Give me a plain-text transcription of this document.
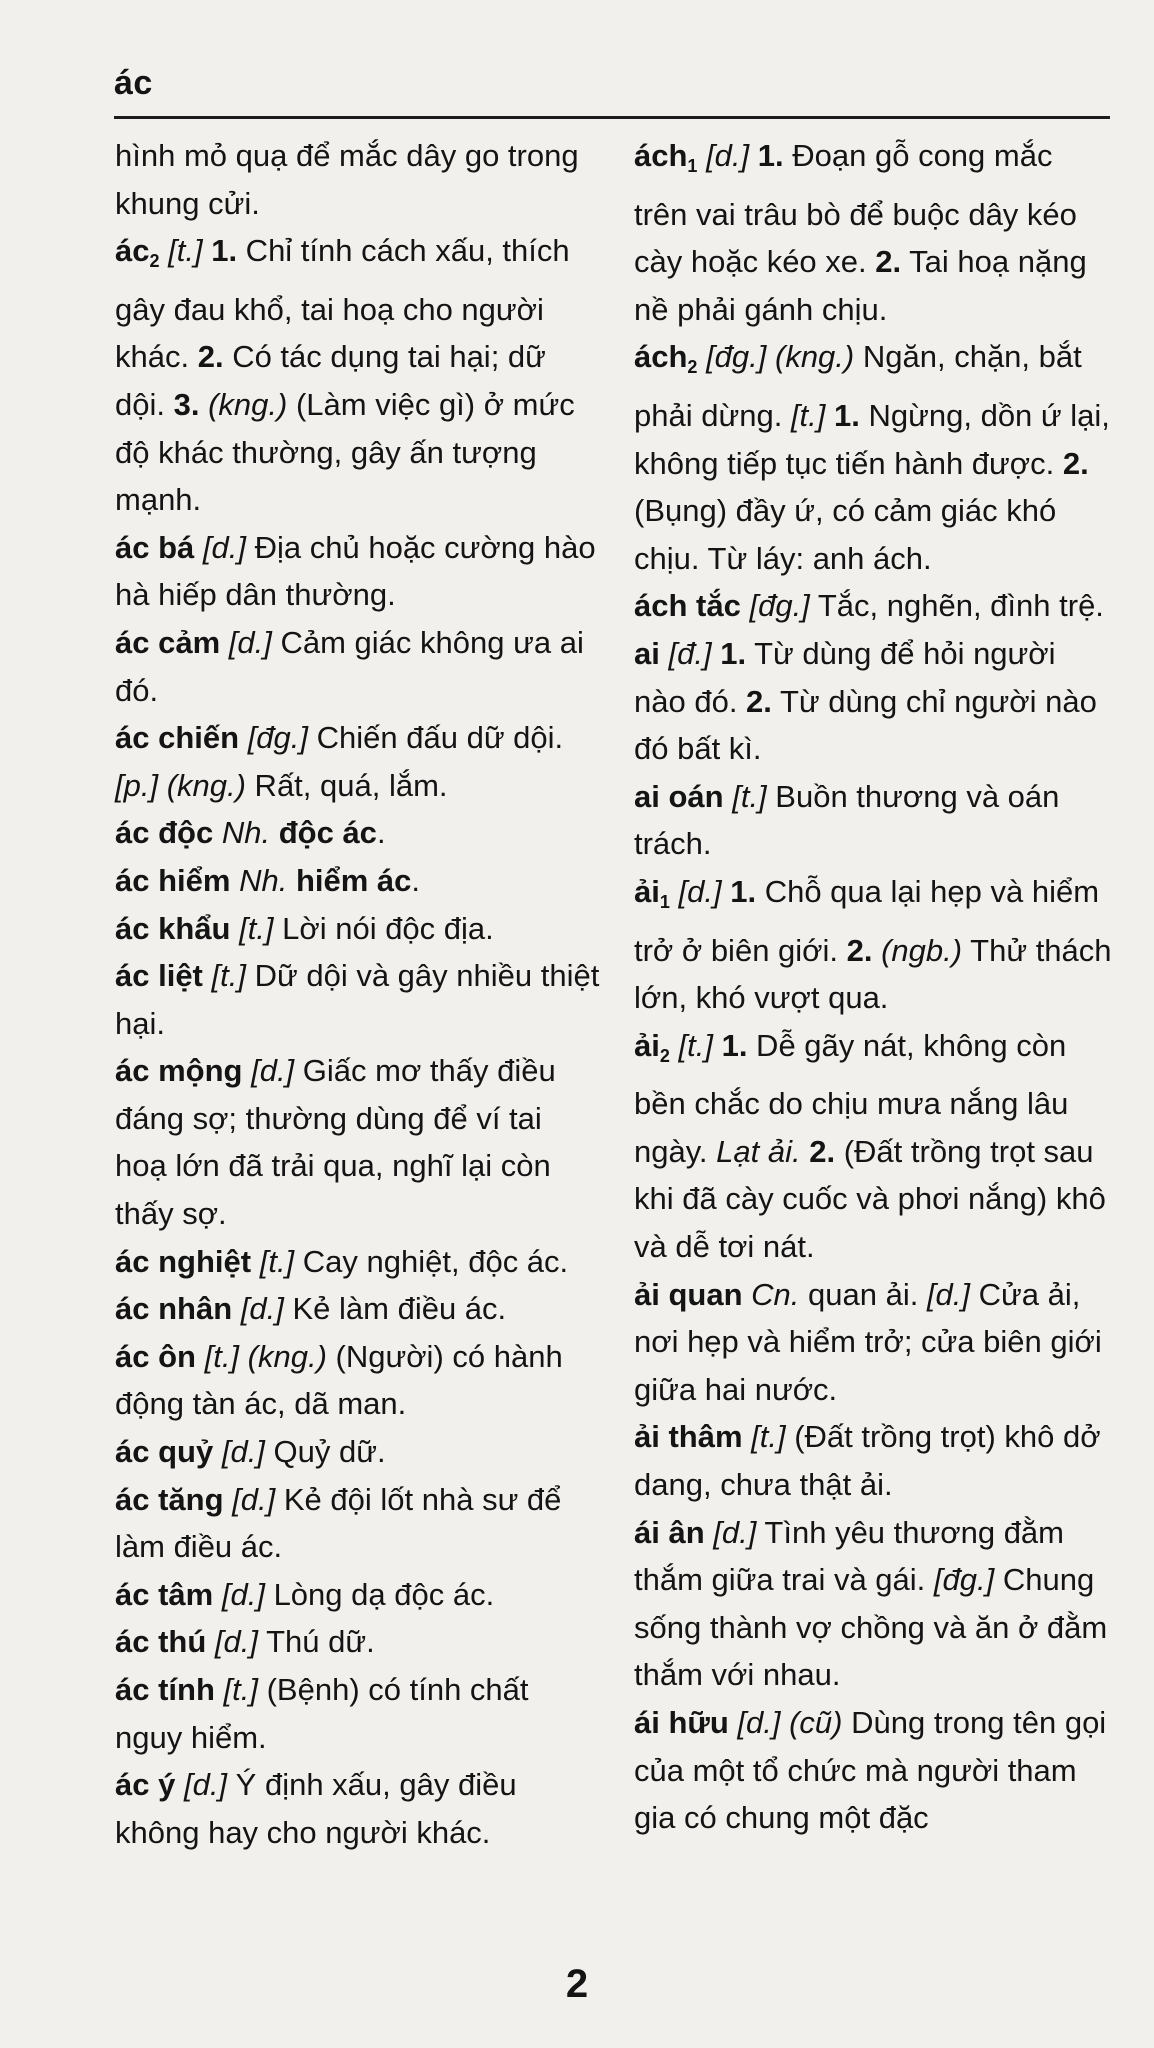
ác

hình mỏ quạ để mắc dây go trong khung cửi.

$ác_2$ [t.] 1. Chỉ tính cách xấu, thích gây đau khổ, tai hoạ cho người khác. 2. Có tác dụng tai hại; dữ dội. 3. (kng.) (Làm việc gì) ở mức độ khác thường, gây ấn tượng mạnh.

ác bá [d.] Địa chủ hoặc cường hào hà hiếp dân thường.

ác cảm [d.] Cảm giác không ưa ai đó.

ác chiến [đg.] Chiến đấu dữ dội. [p.] (kng.) Rất, quá, lắm.

ác độc Nh. độc ác.

ác hiểm Nh. hiểm ác.

ác khẩu [t.] Lời nói độc địa.

ác liệt [t.] Dữ dội và gây nhiều thiệt hại.

ác mộng [d.] Giấc mơ thấy điều đáng sợ; thường dùng để ví tai hoạ lớn đã trải qua, nghĩ lại còn thấy sợ.

ác nghiệt [t.] Cay nghiệt, độc ác.

ác nhân [d.] Kẻ làm điều ác.

ác ôn [t.] (kng.) (Người) có hành động tàn ác, dã man.

ác quỷ [d.] Quỷ dữ.

ác tăng [d.] Kẻ đội lốt nhà sư để làm điều ác.

ác tâm [d.] Lòng dạ độc ác.

ác thú [d.] Thú dữ.

ác tính [t.] (Bệnh) có tính chất nguy hiểm.

ác ý [d.] Ý định xấu, gây điều không hay cho người khác.

ách$_1$ [d.] 1. Đoạn gỗ cong mắc trên vai trâu bò để buộc dây kéo cày hoặc kéo xe. 2. Tai hoạ nặng nề phải gánh chịu.

ách$_2$ [đg.] (kng.) Ngăn, chặn, bắt phải dừng. [t.] 1. Ngừng, dồn ứ lại, không tiếp tục tiến hành được. 2. (Bụng) đầy ứ, có cảm giác khó chịu. Từ láy: anh ách.

ách tắc [đg.] Tắc, nghẽn, đình trệ.

ai [đ.] 1. Từ dùng để hỏi người nào đó. 2. Từ dùng chỉ người nào đó bất kì.

ai oán [t.] Buồn thương và oán trách.

ải$_1$ [d.] 1. Chỗ qua lại hẹp và hiểm trở ở biên giới. 2. (ngb.) Thử thách lớn, khó vượt qua.

ải$_2$ [t.] 1. Dễ gãy nát, không còn bền chắc do chịu mưa nắng lâu ngày. Lạt ải. 2. (Đất trồng trọt sau khi đã cày cuốc và phơi nắng) khô và dễ tơi nát.

ải quan Cn. quan ải. [d.] Cửa ải, nơi hẹp và hiểm trở; cửa biên giới giữa hai nước.

ải thâm [t.] (Đất trồng trọt) khô dở dang, chưa thật ải.

ái ân [d.] Tình yêu thương đằm thắm giữa trai và gái. [đg.] Chung sống thành vợ chồng và ăn ở đằm thắm với nhau.

ái hữu [d.] (cũ) Dùng trong tên gọi của một tổ chức mà người tham gia có chung một đặc

2
